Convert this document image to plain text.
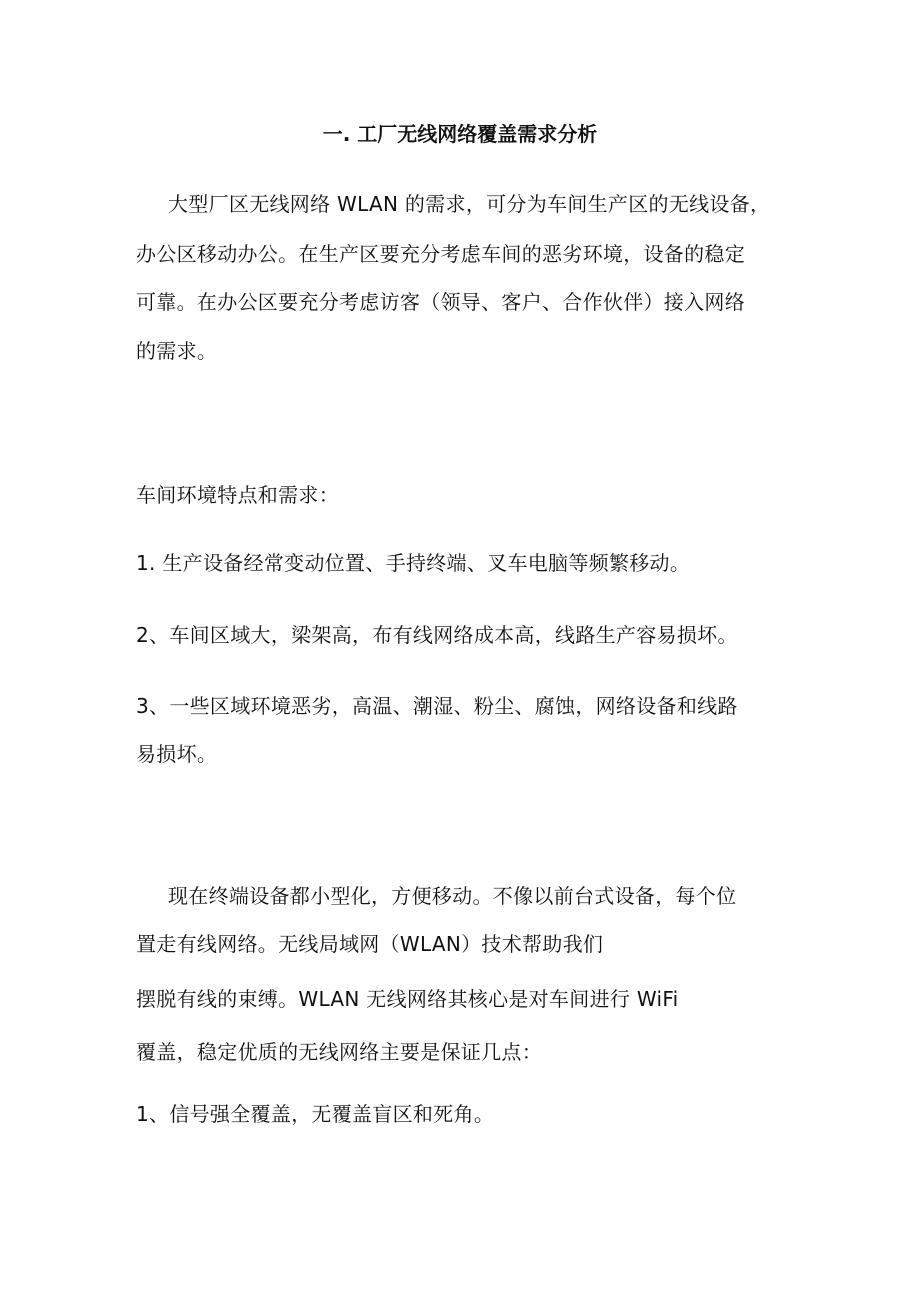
一. 工厂无线网络覆盖需求分析

大型厂区无线网络 WLAN 的需求，可分为车间生产区的无线设备，

办公区移动办公。在生产区要充分考虑车间的恶劣环境，设备的稳定

可靠。在办公区要充分考虑访客（领导、客户、合作伙伴）接入网络

的需求。

车间环境特点和需求：

1. 生产设备经常变动位置、手持终端、叉车电脑等频繁移动。

2、车间区域大，梁架高，布有线网络成本高，线路生产容易损坏。

3、一些区域环境恶劣，高温、潮湿、粉尘、腐蚀，网络设备和线路

易损坏。

现在终端设备都小型化，方便移动。不像以前台式设备，每个位

置走有线网络。无线局域网（WLAN）技术帮助我们

摆脱有线的束缚。WLAN 无线网络其核心是对车间进行 WiFi

覆盖，稳定优质的无线网络主要是保证几点：

1、信号强全覆盖，无覆盖盲区和死角。
